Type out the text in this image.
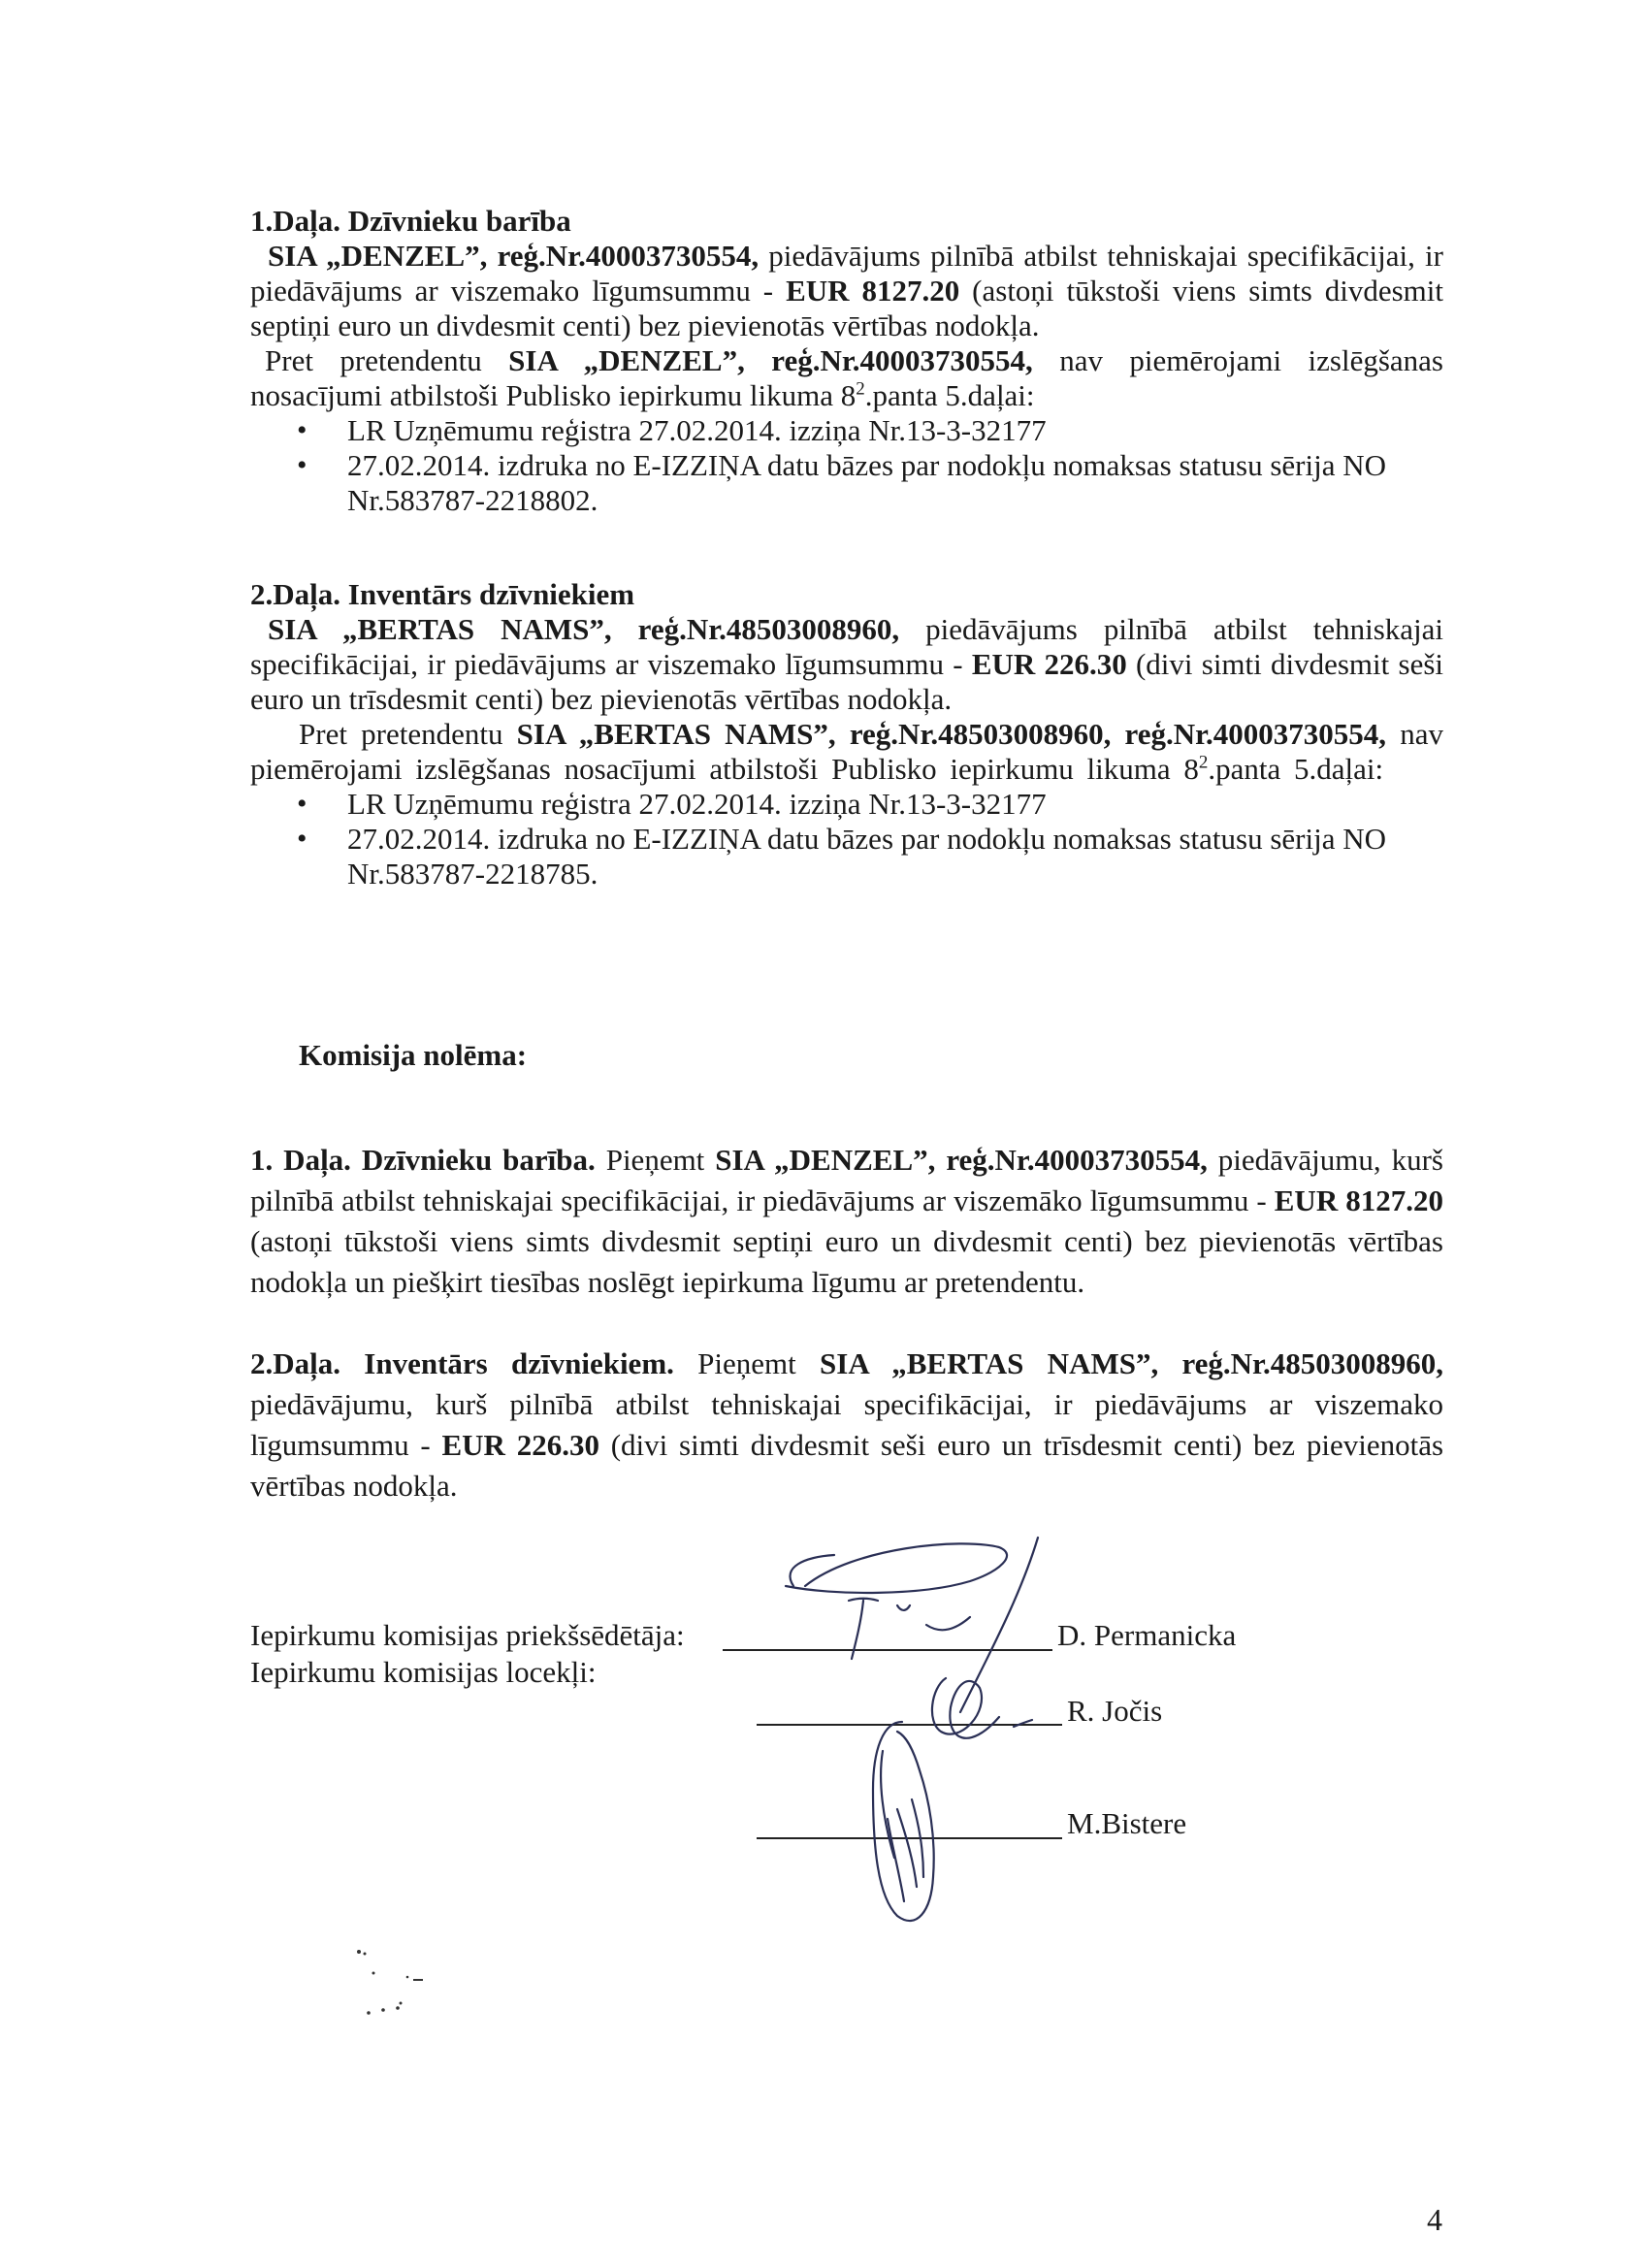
1.Daļa. Dzīvnieku barība
SIA „DENZEL”, reģ.Nr.40003730554, piedāvājums pilnībā atbilst tehniskajai specifikācijai, ir piedāvājums ar viszemako līgumsummu - EUR 8127.20 (astoņi tūkstoši viens simts divdesmit septiņi euro un divdesmit centi) bez pievienotās vērtības nodokļa.
Pret pretendentu SIA „DENZEL”, reģ.Nr.40003730554, nav piemērojami izslēgšanas nosacījumi atbilstoši Publisko iepirkumu likuma $8^2.panta$ 5.daļai:
• LR Uzņēmumu reģistra 27.02.2014. izziņa Nr.13-3-32177
• 27.02.2014. izdruka no E-IZZIŅA datu bāzes par nodokļu nomaksas statusu sērija NO Nr.583787-2218802.
2.Daļa. Inventārs dzīvniekiem
SIA „BERTAS NAMS”, reģ.Nr.48503008960, piedāvājums pilnībā atbilst tehniskajai specifikācijai, ir piedāvājums ar viszemako līgumsummu - EUR 226.30 (divi simti divdesmit seši euro un trīsdesmit centi) bez pievienotās vērtības nodokļa.
Pret pretendentu SIA „BERTAS NAMS”, reģ.Nr.48503008960, reģ.Nr.40003730554, nav piemērojami izslēgšanas nosacījumi atbilstoši Publisko iepirkumu likuma $8^2.panta$ 5.daļai:
• LR Uzņēmumu reģistra 27.02.2014. izziņa Nr.13-3-32177
• 27.02.2014. izdruka no E-IZZIŅA datu bāzes par nodokļu nomaksas statusu sērija NO Nr.583787-2218785.
Komisija nolēma:
1. Daļa. Dzīvnieku barība. Pieņemt SIA „DENZEL”, reģ.Nr.40003730554, piedāvājumu, kurš pilnībā atbilst tehniskajai specifikācijai, ir piedāvājums ar viszemāko līgumsummu - EUR 8127.20 (astoņi tūkstoši viens simts divdesmit septiņi euro un divdesmit centi) bez pievienotās vērtības nodokļa un piešķirt tiesības noslēgt iepirkuma līgumu ar pretendentu.
2.Daļa. Inventārs dzīvniekiem. Pieņemt SIA „BERTAS NAMS”, reģ.Nr.48503008960, piedāvājumu, kurš pilnībā atbilst tehniskajai specifikācijai, ir piedāvājums ar viszemako līgumsummu - EUR 226.30 (divi simti divdesmit seši euro un trīsdesmit centi) bez pievienotās vērtības nodokļa.
Iepirkumu komisijas priekšsēdētāja:
Iepirkumu komisijas locekļi:
D. Permanicka
R. Jočis
M.Bistere
4
